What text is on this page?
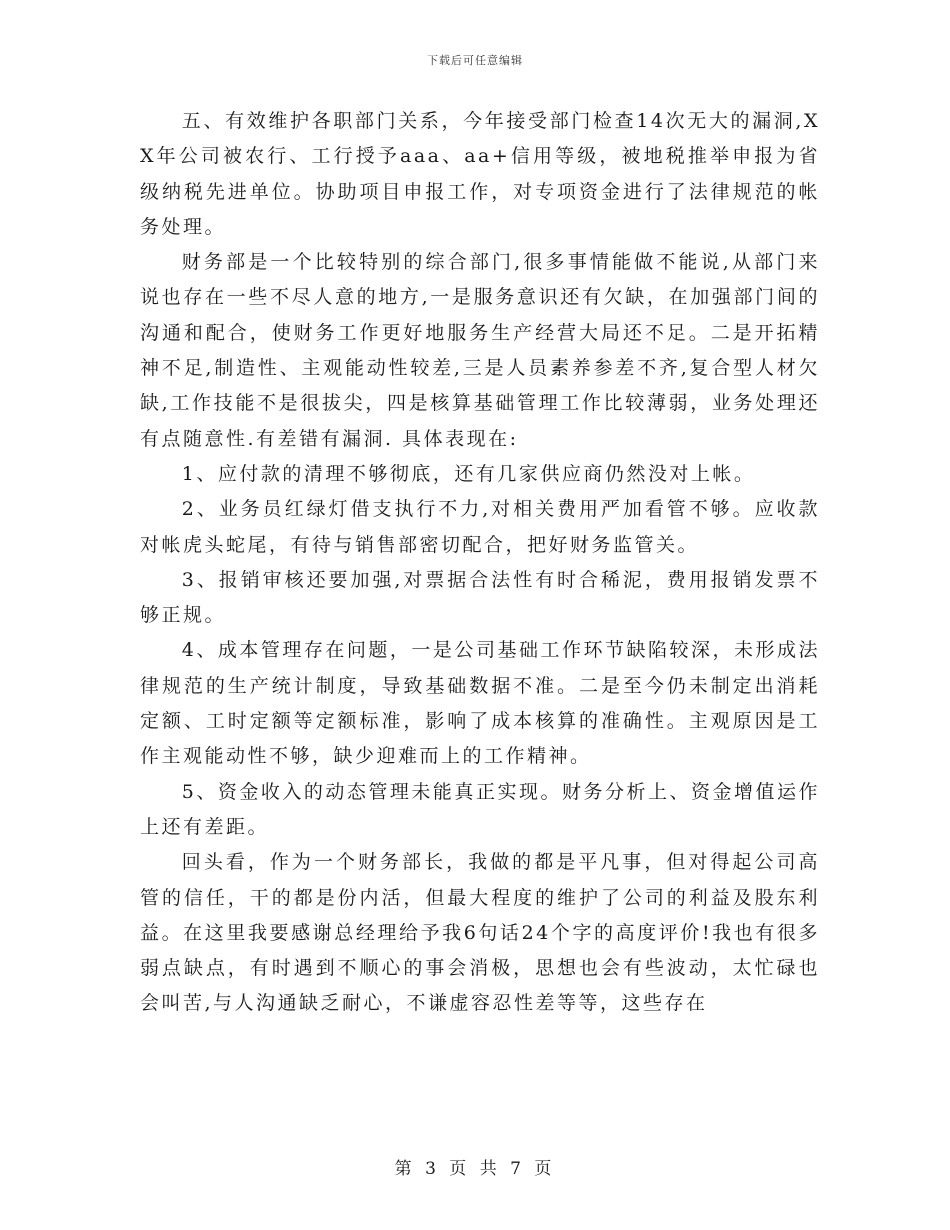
下载后可任意编辑

五、有效维护各职部门关系，今年接受部门检查14次无大的漏洞,XX年公司被农行、工行授予aaa、aa+信用等级，被地税推举申报为省级纳税先进单位。协助项目申报工作，对专项资金进行了法律规范的帐务处理。

财务部是一个比较特别的综合部门,很多事情能做不能说,从部门来说也存在一些不尽人意的地方,一是服务意识还有欠缺，在加强部门间的沟通和配合，使财务工作更好地服务生产经营大局还不足。二是开拓精神不足,制造性、主观能动性较差,三是人员素养参差不齐,复合型人材欠缺,工作技能不是很拔尖，四是核算基础管理工作比较薄弱，业务处理还有点随意性.有差错有漏洞. 具体表现在:

1、应付款的清理不够彻底，还有几家供应商仍然没对上帐。

2、业务员红绿灯借支执行不力,对相关费用严加看管不够。应收款对帐虎头蛇尾，有待与销售部密切配合，把好财务监管关。

3、报销审核还要加强,对票据合法性有时合稀泥，费用报销发票不够正规。

4、成本管理存在问题，一是公司基础工作环节缺陷较深，未形成法律规范的生产统计制度，导致基础数据不准。二是至今仍未制定出消耗定额、工时定额等定额标准，影响了成本核算的准确性。主观原因是工作主观能动性不够，缺少迎难而上的工作精神。

5、资金收入的动态管理未能真正实现。财务分析上、资金增值运作上还有差距。

回头看，作为一个财务部长，我做的都是平凡事，但对得起公司高管的信任，干的都是份内活，但最大程度的维护了公司的利益及股东利益。在这里我要感谢总经理给予我6句话24个字的高度评价!我也有很多弱点缺点，有时遇到不顺心的事会消极，思想也会有些波动，太忙碌也会叫苦,与人沟通缺乏耐心，不谦虚容忍性差等等，这些存在

第 3 页 共 7 页
